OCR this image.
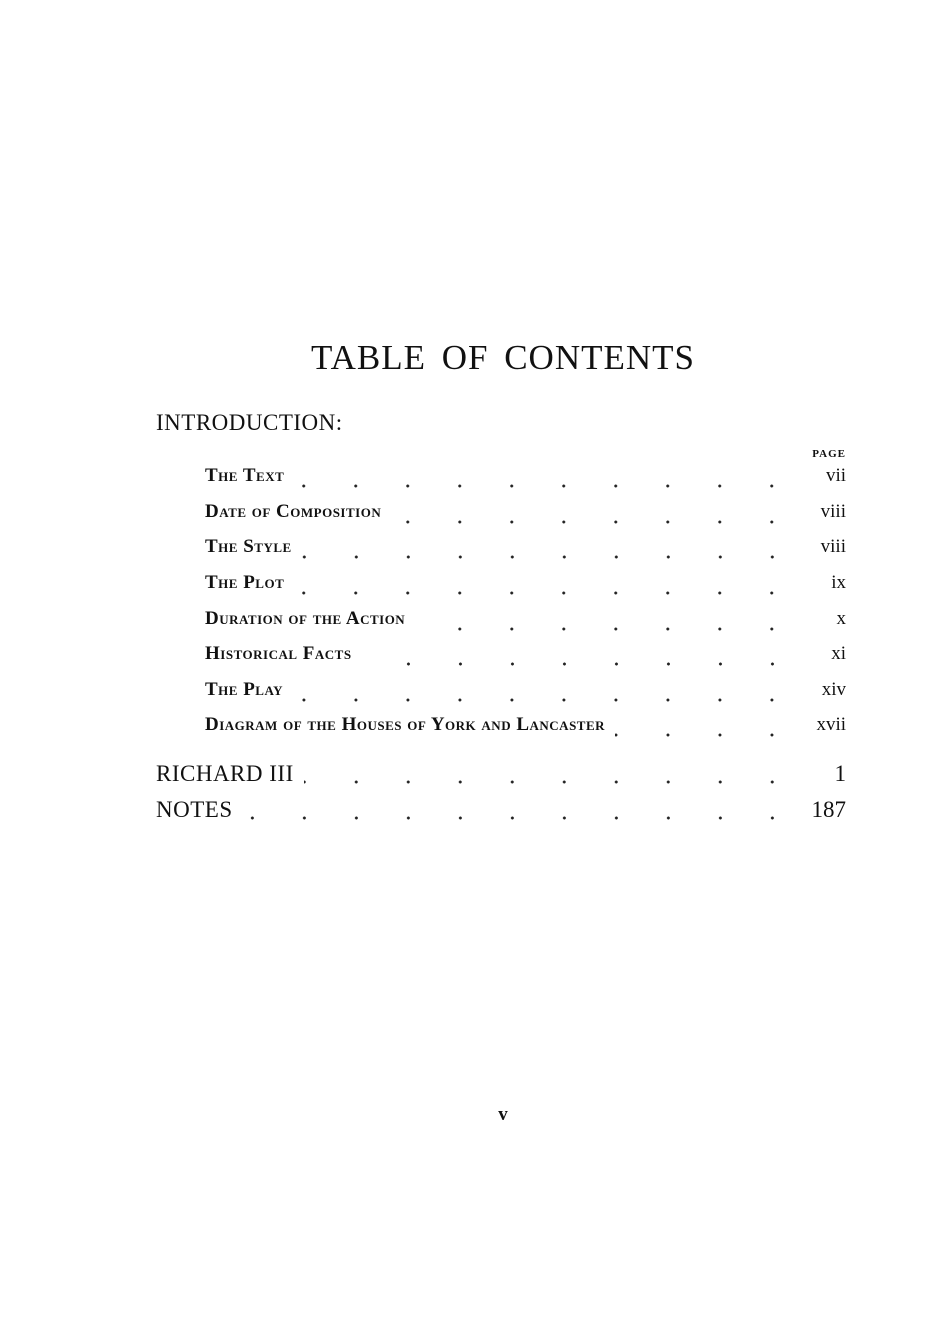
TABLE OF CONTENTS
INTRODUCTION:
PAGE
The Text	vii
Date of Composition	viii
The Style	viii
The Plot	ix
Duration of the Action	x
Historical Facts	xi
The Play	xiv
Diagram of the Houses of York and Lancaster	xvii
RICHARD III	1
NOTES	187
v
